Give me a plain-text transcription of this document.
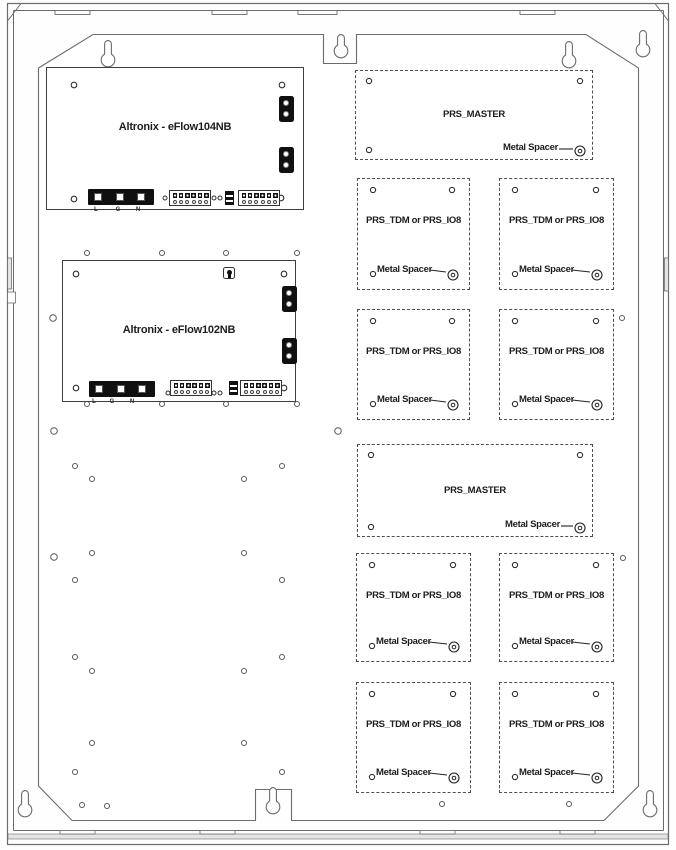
Altronix - eFlow104NB
L	G	N
Altronix - eFlow102NB
L	G	N
PRS_MASTER
Metal Spacer
PRS_TDM or PRS_IO8
Metal Spacer
PRS_TDM or PRS_IO8
Metal Spacer
PRS_TDM or PRS_IO8
Metal Spacer
PRS_TDM or PRS_IO8
Metal Spacer
PRS_MASTER
Metal Spacer
PRS_TDM or PRS_IO8
Metal Spacer
PRS_TDM or PRS_IO8
Metal Spacer
PRS_TDM or PRS_IO8
Metal Spacer
PRS_TDM or PRS_IO8
Metal Spacer
